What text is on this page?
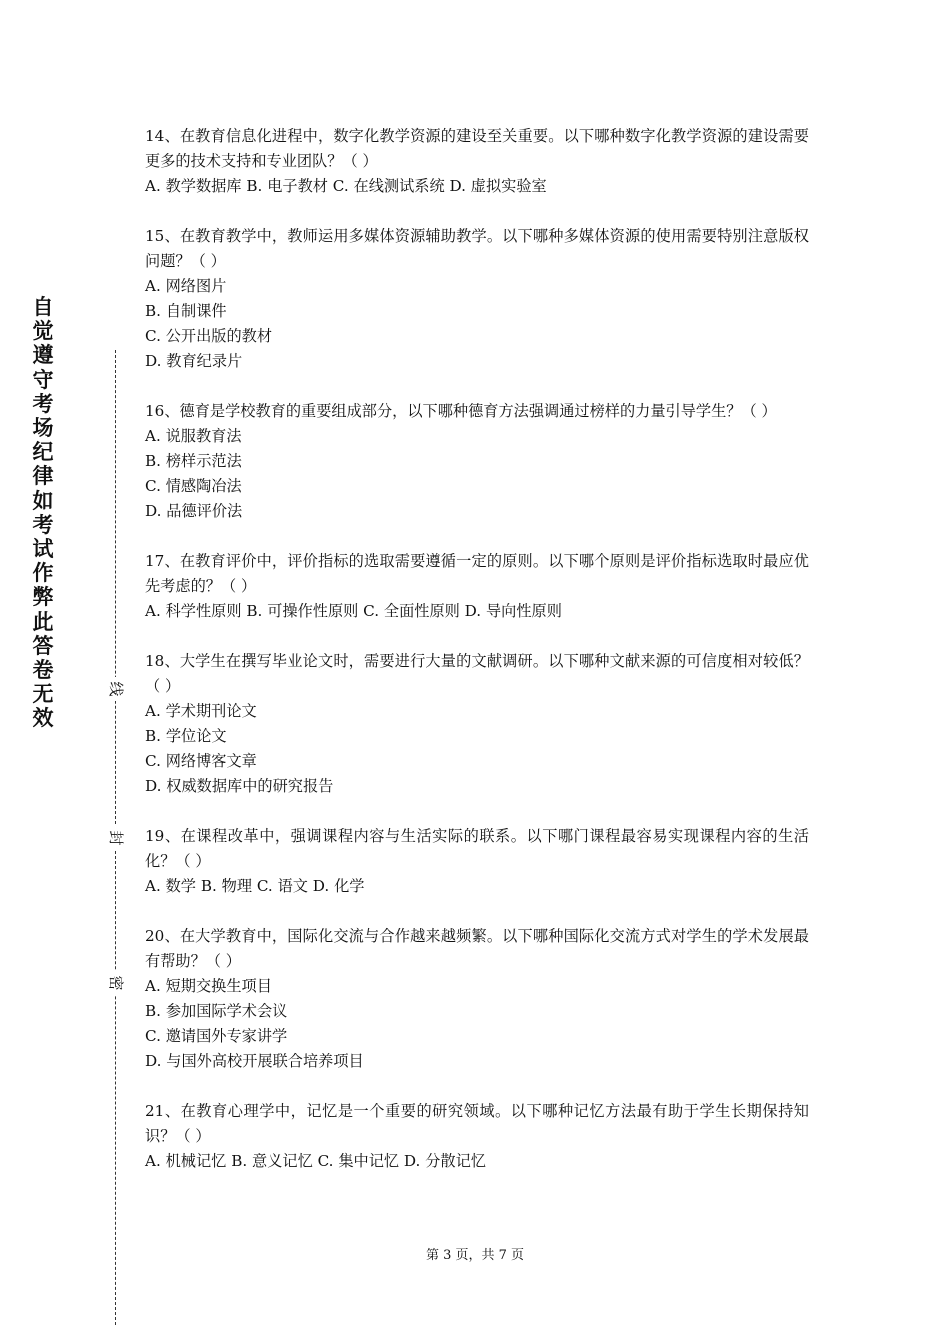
自觉遵守考场纪律如考试作弊此答卷无效
线
封
密
14、在教育信息化进程中，数字化教学资源的建设至关重要。以下哪种数字化教学资源的建设需要更多的技术支持和专业团队？（ ）
A. 教学数据库 B. 电子教材 C. 在线测试系统 D. 虚拟实验室
15、在教育教学中，教师运用多媒体资源辅助教学。以下哪种多媒体资源的使用需要特别注意版权问题？（ ）
A. 网络图片
B. 自制课件
C. 公开出版的教材
D. 教育纪录片
16、德育是学校教育的重要组成部分，以下哪种德育方法强调通过榜样的力量引导学生？（ ）
A. 说服教育法
B. 榜样示范法
C. 情感陶冶法
D. 品德评价法
17、在教育评价中，评价指标的选取需要遵循一定的原则。以下哪个原则是评价指标选取时最应优先考虑的？（ ）
A. 科学性原则 B. 可操作性原则 C. 全面性原则 D. 导向性原则
18、大学生在撰写毕业论文时，需要进行大量的文献调研。以下哪种文献来源的可信度相对较低？（ ）
A. 学术期刊论文
B. 学位论文
C. 网络博客文章
D. 权威数据库中的研究报告
19、在课程改革中，强调课程内容与生活实际的联系。以下哪门课程最容易实现课程内容的生活化？（ ）
A. 数学 B. 物理 C. 语文 D. 化学
20、在大学教育中，国际化交流与合作越来越频繁。以下哪种国际化交流方式对学生的学术发展最有帮助？（ ）
A. 短期交换生项目
B. 参加国际学术会议
C. 邀请国外专家讲学
D. 与国外高校开展联合培养项目
21、在教育心理学中，记忆是一个重要的研究领域。以下哪种记忆方法最有助于学生长期保持知识？（ ）
A. 机械记忆 B. 意义记忆 C. 集中记忆 D. 分散记忆
第 3 页，共 7 页
